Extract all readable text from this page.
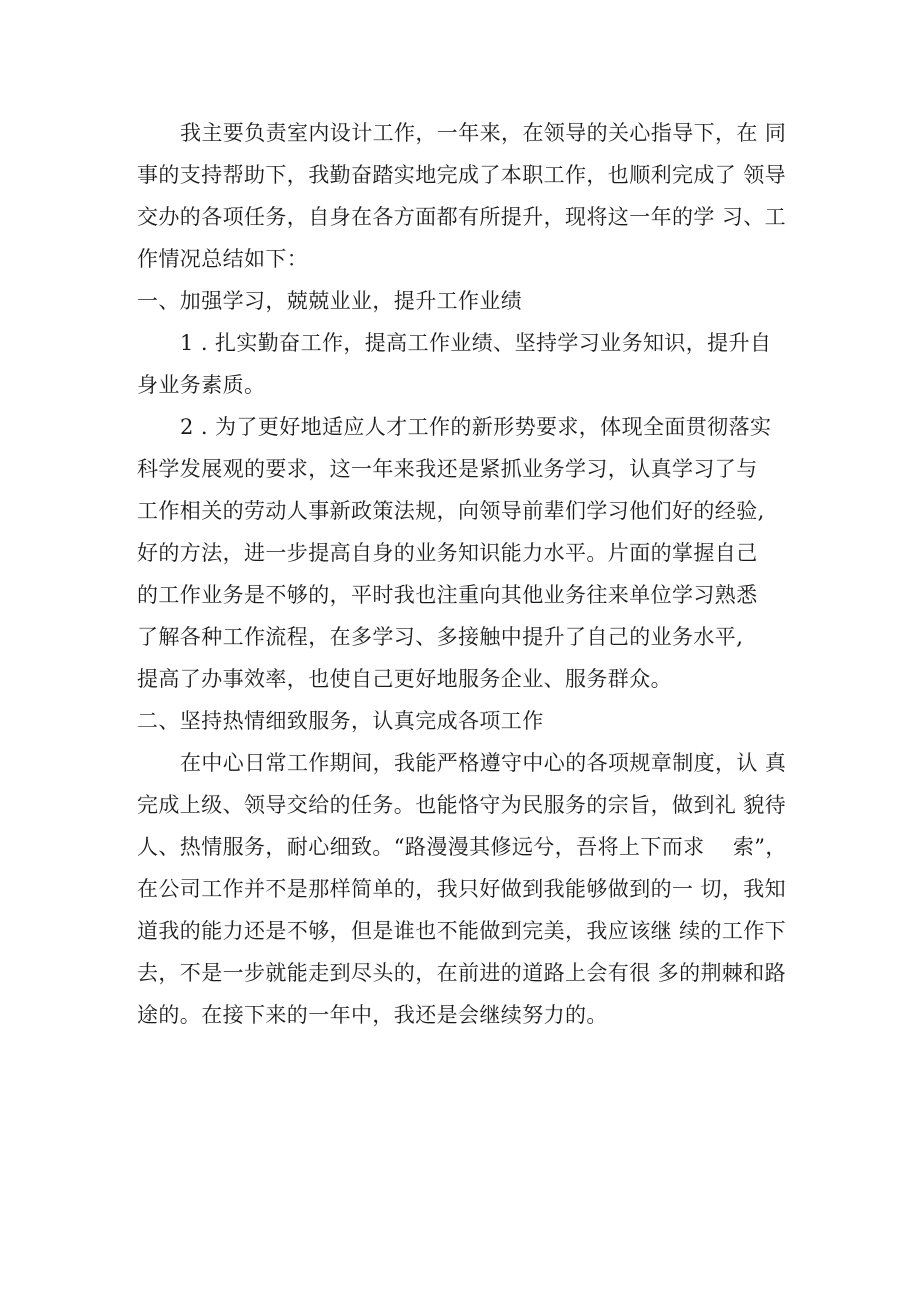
我主要负责室内设计工作，一年来，在领导的关心指导下，在 同
事的支持帮助下，我勤奋踏实地完成了本职工作，也顺利完成了 领导
交办的各项任务，自身在各方面都有所提升，现将这一年的学 习、工
作情况总结如下：
一、加强学习，兢兢业业，提升工作业绩
1 . 扎实勤奋工作，提高工作业绩、坚持学习业务知识，提升自
身业务素质。
2 . 为了更好地适应人才工作的新形势要求，体现全面贯彻落实
科学发展观的要求，这一年来我还是紧抓业务学习，认真学习了与
工作相关的劳动人事新政策法规，向领导前辈们学习他们好的经验,
好的方法，进一步提高自身的业务知识能力水平。片面的掌握自己
的工作业务是不够的，平时我也注重向其他业务往来单位学习熟悉
了解各种工作流程，在多学习、多接触中提升了自己的业务水平,
提高了办事效率，也使自己更好地服务企业、服务群众。
二、坚持热情细致服务，认真完成各项工作
在中心日常工作期间，我能严格遵守中心的各项规章制度，认 真
完成上级、领导交给的任务。也能恪守为民服务的宗旨，做到礼 貌待
人、热情服务，耐心细致。“路漫漫其修远兮，吾将上下而求    索”，
在公司工作并不是那样简单的，我只好做到我能够做到的一 切，我知
道我的能力还是不够，但是谁也不能做到完美，我应该继 续的工作下
去，不是一步就能走到尽头的，在前进的道路上会有很 多的荆棘和路
途的。在接下来的一年中，我还是会继续努力的。
